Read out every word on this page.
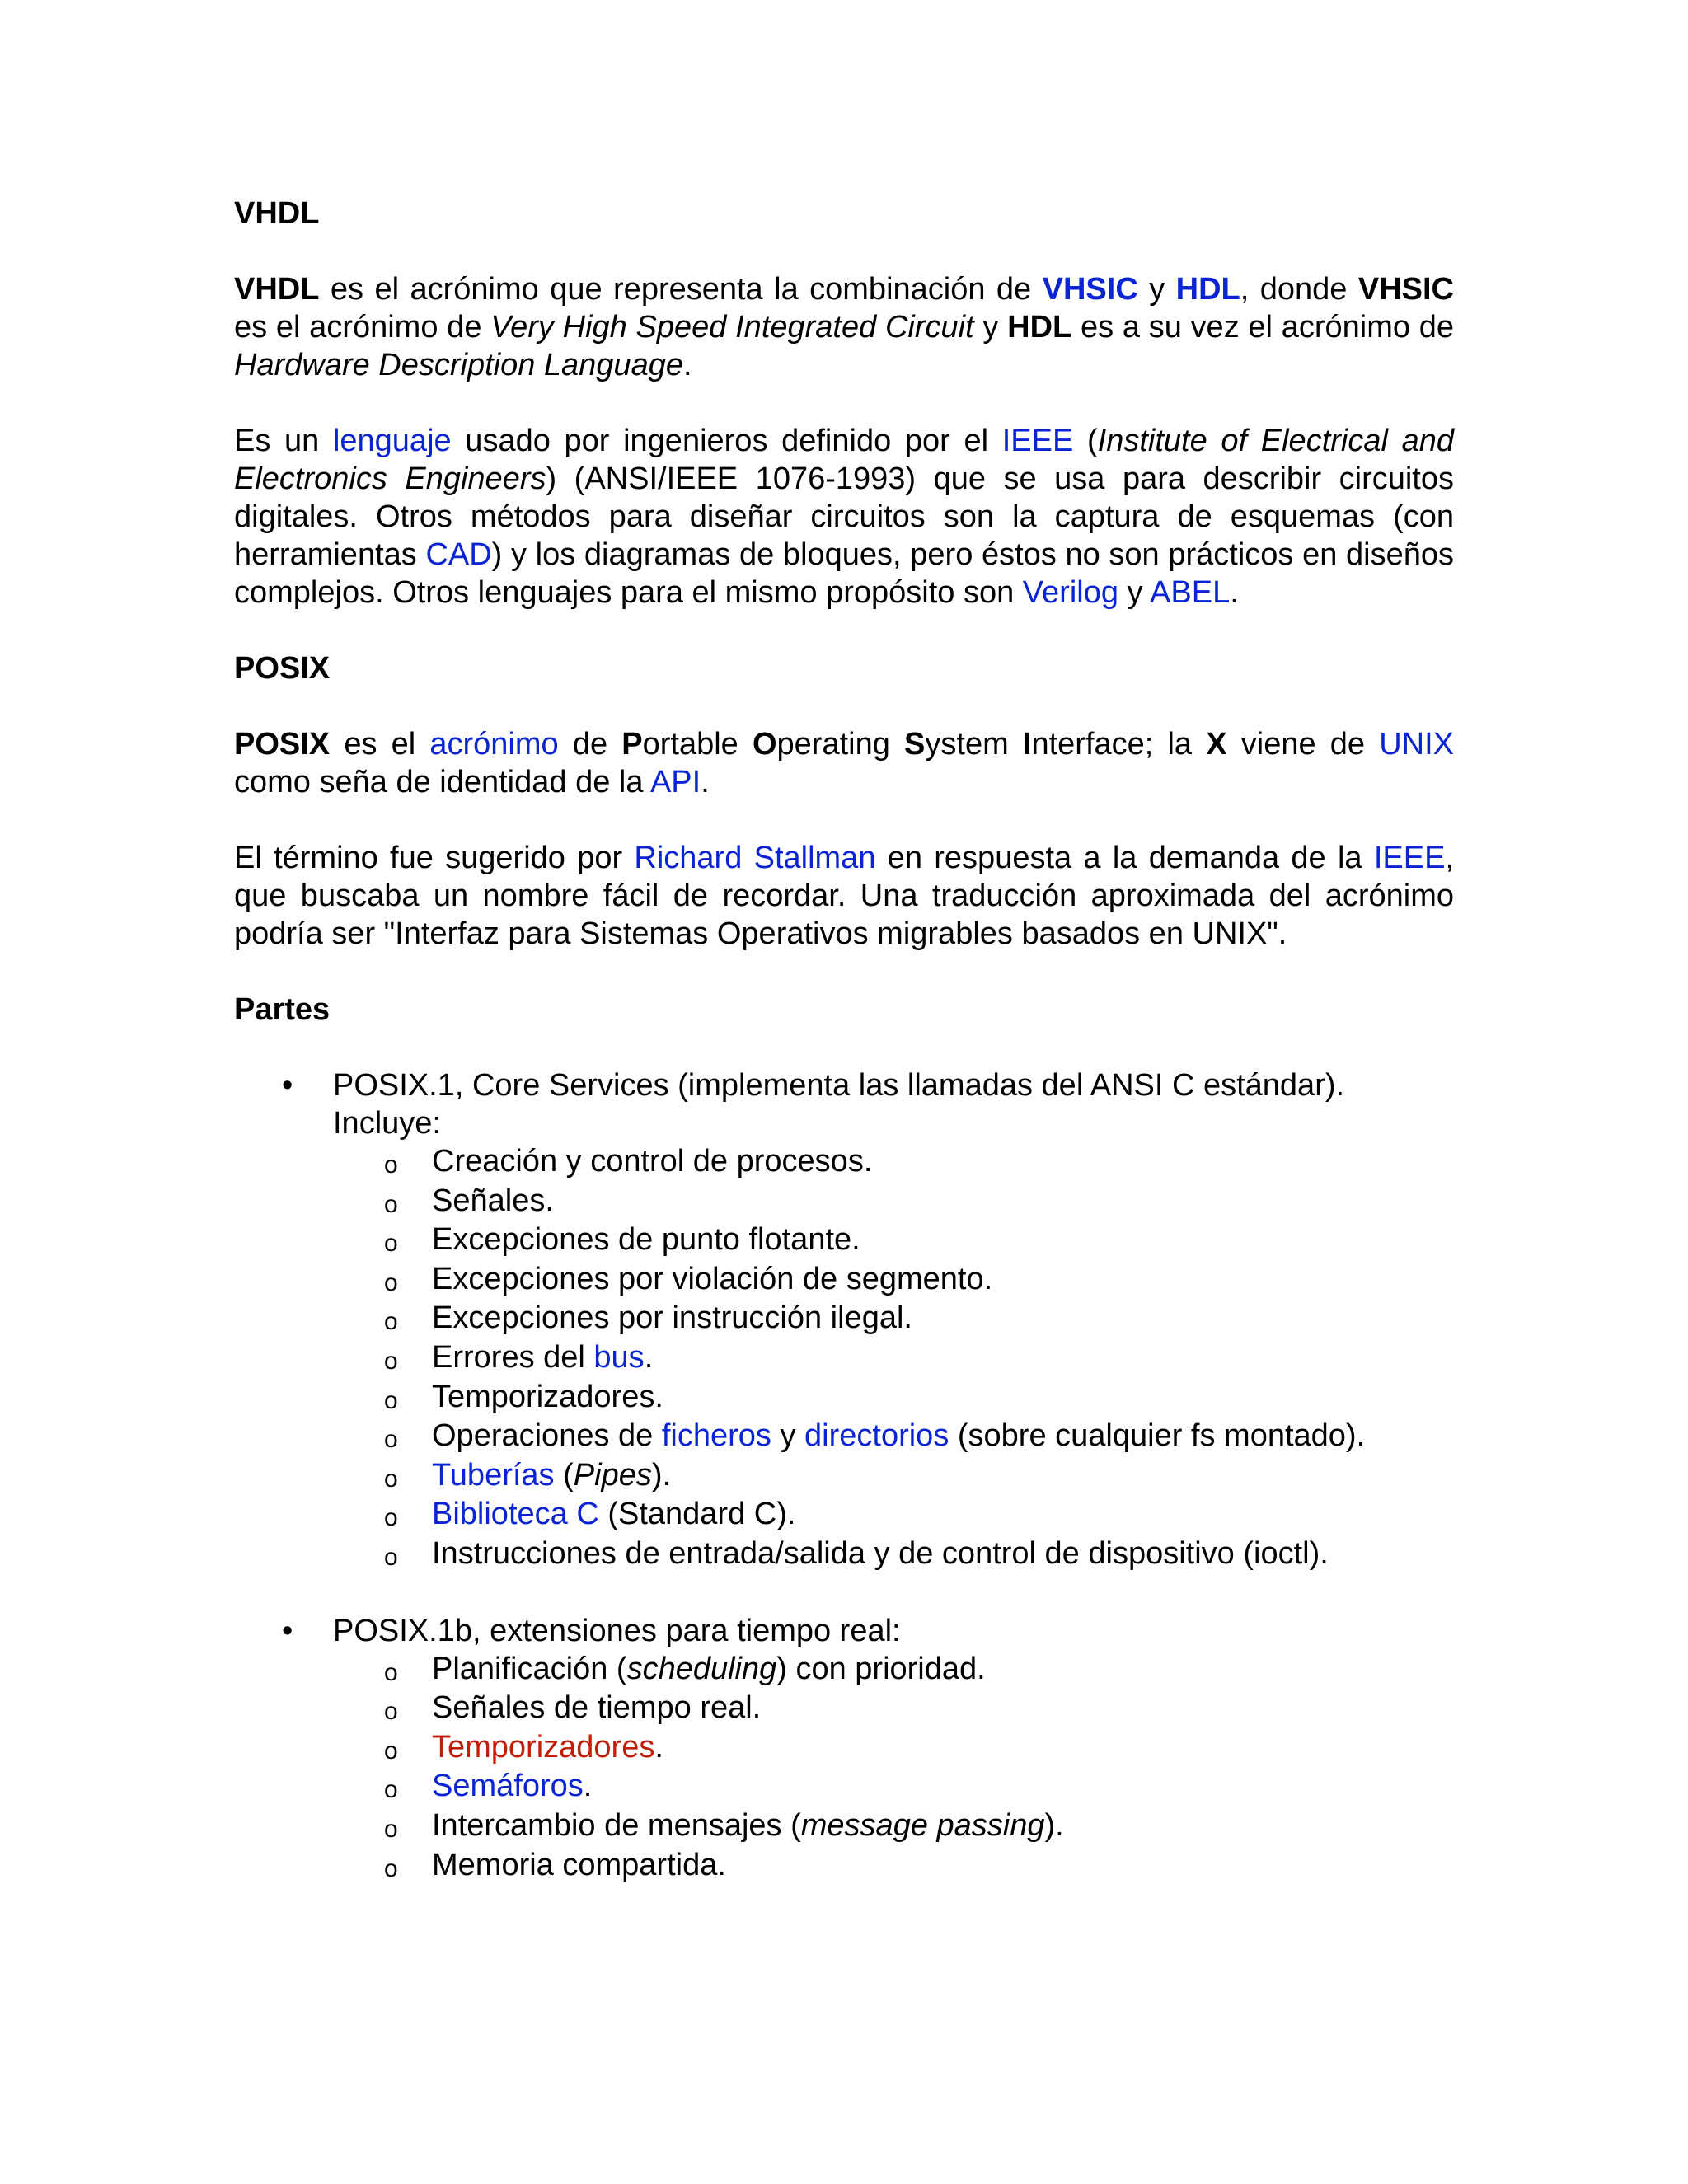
VHDL

VHDL es el acrónimo que representa la combinación de VHSIC y HDL, donde VHSIC es el acrónimo de Very High Speed Integrated Circuit y HDL es a su vez el acrónimo de Hardware Description Language.

Es un lenguaje usado por ingenieros definido por el IEEE (Institute of Electrical and Electronics Engineers) (ANSI/IEEE 1076-1993) que se usa para describir circuitos digitales. Otros métodos para diseñar circuitos son la captura de esquemas (con herramientas CAD) y los diagramas de bloques, pero éstos no son prácticos en diseños complejos. Otros lenguajes para el mismo propósito son Verilog y ABEL.

POSIX

POSIX es el acrónimo de Portable Operating System Interface; la X viene de UNIX como seña de identidad de la API.

El término fue sugerido por Richard Stallman en respuesta a la demanda de la IEEE, que buscaba un nombre fácil de recordar. Una traducción aproximada del acrónimo podría ser "Interfaz para Sistemas Operativos migrables basados en UNIX".

Partes
• POSIX.1, Core Services (implementa las llamadas del ANSI C estándar). Incluye:
o Creación y control de procesos.
o Señales.
o Excepciones de punto flotante.
o Excepciones por violación de segmento.
o Excepciones por instrucción ilegal.
o Errores del bus.
o Temporizadores.
o Operaciones de ficheros y directorios (sobre cualquier fs montado).
o Tuberías (Pipes).
o Biblioteca C (Standard C).
o Instrucciones de entrada/salida y de control de dispositivo (ioctl).
• POSIX.1b, extensiones para tiempo real:
o Planificación (scheduling) con prioridad.
o Señales de tiempo real.
o Temporizadores.
o Semáforos.
o Intercambio de mensajes (message passing).
o Memoria compartida.
